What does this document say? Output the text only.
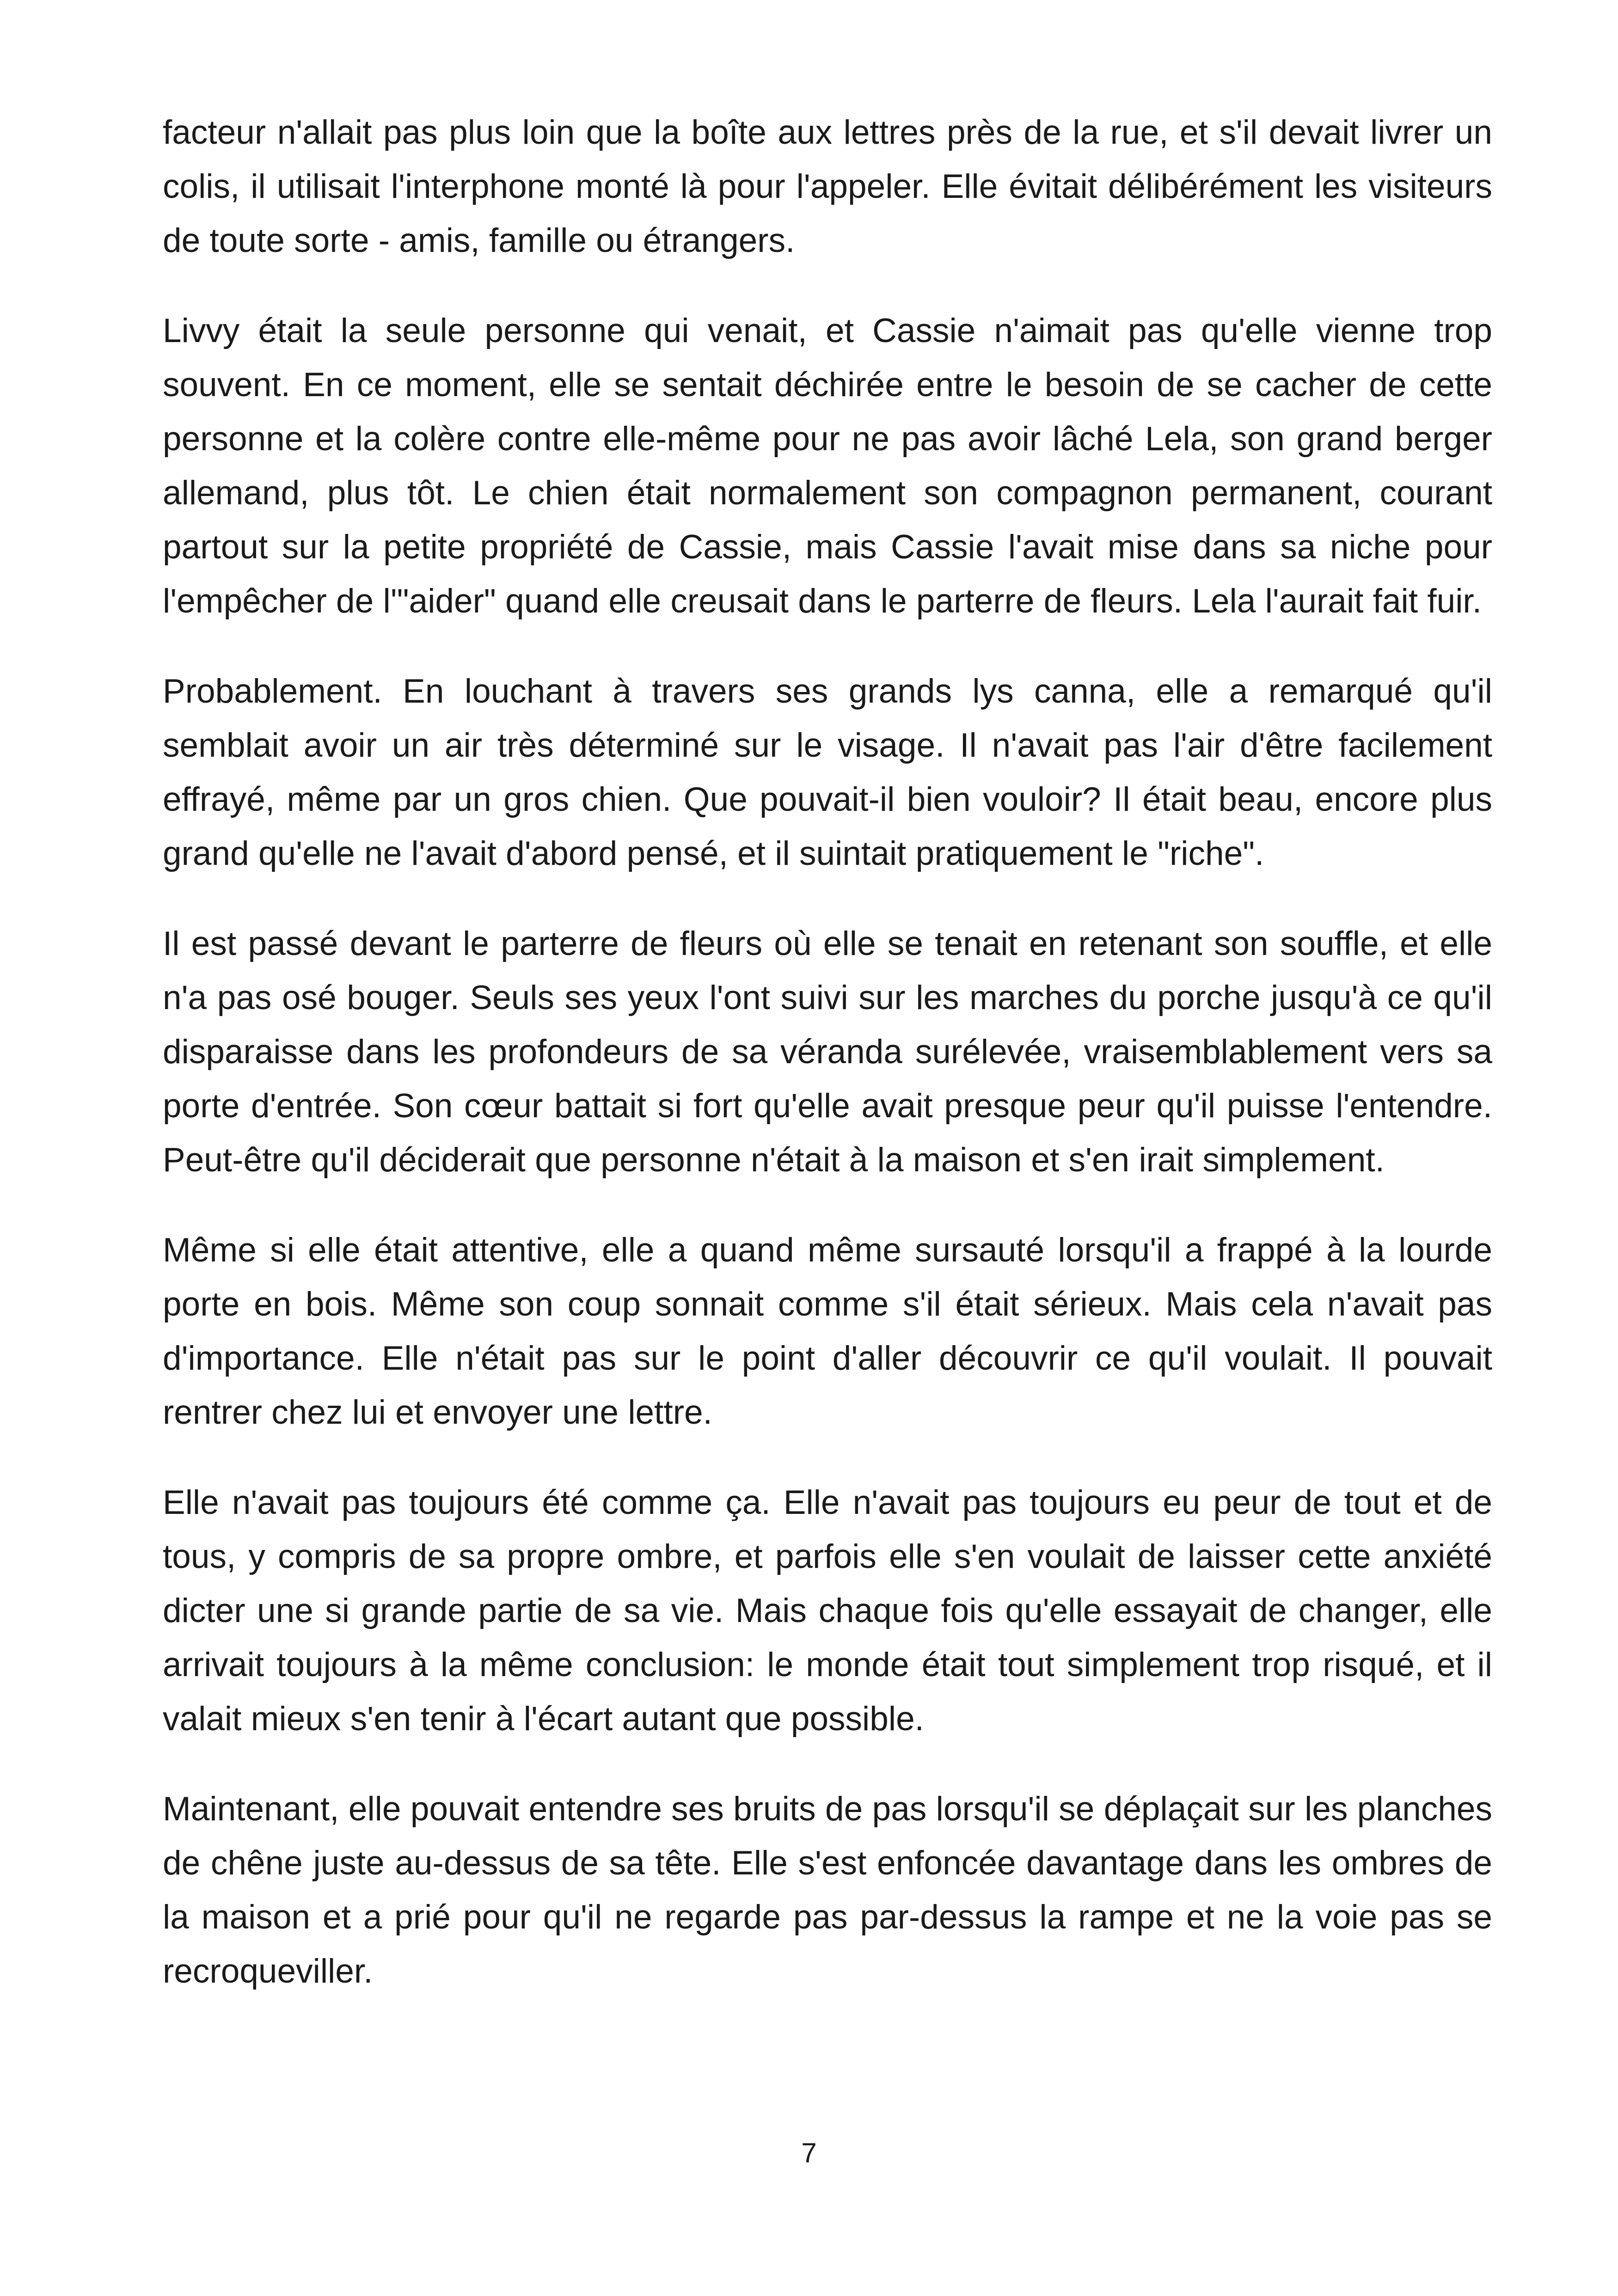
facteur n'allait pas plus loin que la boîte aux lettres près de la rue, et s'il devait livrer un colis, il utilisait l'interphone monté là pour l'appeler. Elle évitait délibérément les visiteurs de toute sorte - amis, famille ou étrangers.

Livvy était la seule personne qui venait, et Cassie n'aimait pas qu'elle vienne trop souvent. En ce moment, elle se sentait déchirée entre le besoin de se cacher de cette personne et la colère contre elle-même pour ne pas avoir lâché Lela, son grand berger allemand, plus tôt. Le chien était normalement son compagnon permanent, courant partout sur la petite propriété de Cassie, mais Cassie l'avait mise dans sa niche pour l'empêcher de l'"aider" quand elle creusait dans le parterre de fleurs. Lela l'aurait fait fuir.

Probablement. En louchant à travers ses grands lys canna, elle a remarqué qu'il semblait avoir un air très déterminé sur le visage. Il n'avait pas l'air d'être facilement effrayé, même par un gros chien. Que pouvait-il bien vouloir? Il était beau, encore plus grand qu'elle ne l'avait d'abord pensé, et il suintait pratiquement le "riche".

Il est passé devant le parterre de fleurs où elle se tenait en retenant son souffle, et elle n'a pas osé bouger. Seuls ses yeux l'ont suivi sur les marches du porche jusqu'à ce qu'il disparaisse dans les profondeurs de sa véranda surélevée, vraisemblablement vers sa porte d'entrée. Son cœur battait si fort qu'elle avait presque peur qu'il puisse l'entendre. Peut-être qu'il déciderait que personne n'était à la maison et s'en irait simplement.

Même si elle était attentive, elle a quand même sursauté lorsqu'il a frappé à la lourde porte en bois. Même son coup sonnait comme s'il était sérieux. Mais cela n'avait pas d'importance. Elle n'était pas sur le point d'aller découvrir ce qu'il voulait. Il pouvait rentrer chez lui et envoyer une lettre.

Elle n'avait pas toujours été comme ça. Elle n'avait pas toujours eu peur de tout et de tous, y compris de sa propre ombre, et parfois elle s'en voulait de laisser cette anxiété dicter une si grande partie de sa vie. Mais chaque fois qu'elle essayait de changer, elle arrivait toujours à la même conclusion: le monde était tout simplement trop risqué, et il valait mieux s'en tenir à l'écart autant que possible.

Maintenant, elle pouvait entendre ses bruits de pas lorsqu'il se déplaçait sur les planches de chêne juste au-dessus de sa tête. Elle s'est enfoncée davantage dans les ombres de la maison et a prié pour qu'il ne regarde pas par-dessus la rampe et ne la voie pas se recroqueviller.

7
